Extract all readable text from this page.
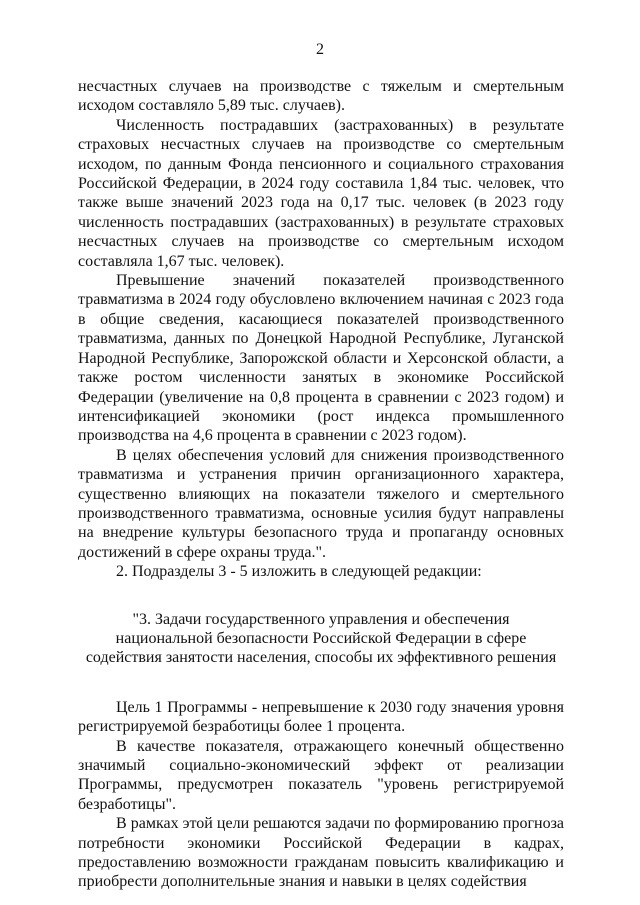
2

несчастных случаев на производстве с тяжелым и смертельным исходом составляло 5,89 тыс. случаев).

Численность пострадавших (застрахованных) в результате страховых несчастных случаев на производстве со смертельным исходом, по данным Фонда пенсионного и социального страхования Российской Федерации, в 2024 году составила 1,84 тыс. человек, что также выше значений 2023 года на 0,17 тыс. человек (в 2023 году численность пострадавших (застрахованных) в результате страховых несчастных случаев на производстве со смертельным исходом составляла 1,67 тыс. человек).

Превышение значений показателей производственного травматизма в 2024 году обусловлено включением начиная с 2023 года в общие сведения, касающиеся показателей производственного травматизма, данных по Донецкой Народной Республике, Луганской Народной Республике, Запорожской области и Херсонской области, а также ростом численности занятых в экономике Российской Федерации (увеличение на 0,8 процента в сравнении с 2023 годом) и интенсификацией экономики (рост индекса промышленного производства на 4,6 процента в сравнении с 2023 годом).

В целях обеспечения условий для снижения производственного травматизма и устранения причин организационного характера, существенно влияющих на показатели тяжелого и смертельного производственного травматизма, основные усилия будут направлены на внедрение культуры безопасного труда и пропаганду основных достижений в сфере охраны труда.".

2. Подразделы 3 - 5 изложить в следующей редакции:

"3. Задачи государственного управления и обеспечения национальной безопасности Российской Федерации в сфере содействия занятости населения, способы их эффективного решения

Цель 1 Программы - непревышение к 2030 году значения уровня регистрируемой безработицы более 1 процента.

В качестве показателя, отражающего конечный общественно значимый социально-экономический эффект от реализации Программы, предусмотрен показатель "уровень регистрируемой безработицы".

В рамках этой цели решаются задачи по формированию прогноза потребности экономики Российской Федерации в кадрах, предоставлению возможности гражданам повысить квалификацию и приобрести дополнительные знания и навыки в целях содействия
